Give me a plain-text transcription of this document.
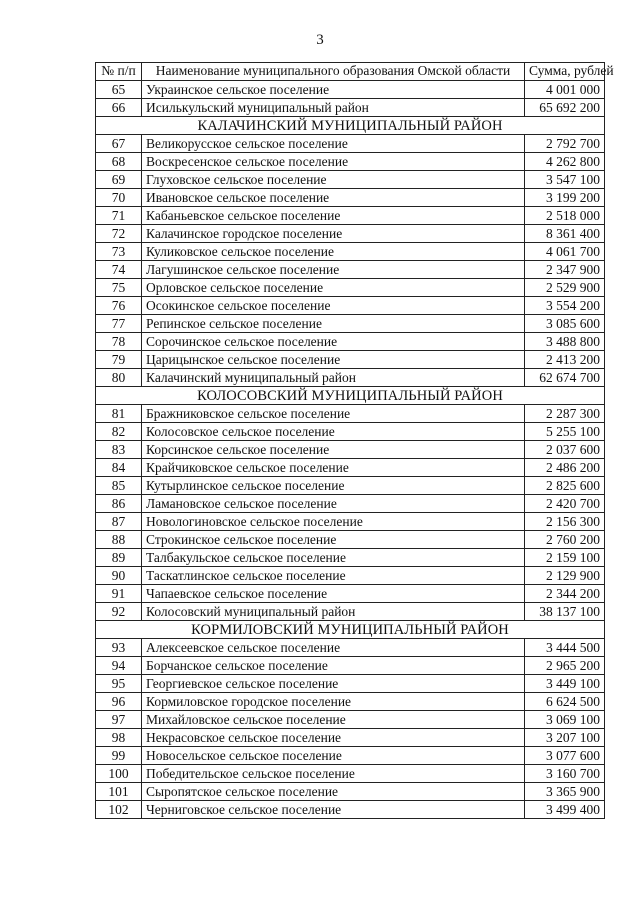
3
№ п/п	Наименование муниципального образования Омской области	Сумма, рублей
65	Украинское сельское поселение	4 001 000
66	Исилькульский муниципальный район	65 692 200
КАЛАЧИНСКИЙ МУНИЦИПАЛЬНЫЙ РАЙОН		
67	Великорусское сельское поселение	2 792 700
68	Воскресенское сельское поселение	4 262 800
69	Глуховское сельское поселение	3 547 100
70	Ивановское сельское поселение	3 199 200
71	Кабаньевское сельское поселение	2 518 000
72	Калачинское городское поселение	8 361 400
73	Куликовское сельское поселение	4 061 700
74	Лагушинское сельское поселение	2 347 900
75	Орловское сельское поселение	2 529 900
76	Осокинское сельское поселение	3 554 200
77	Репинское сельское поселение	3 085 600
78	Сорочинское сельское поселение	3 488 800
79	Царицынское сельское поселение	2 413 200
80	Калачинский муниципальный район	62 674 700
КОЛОСОВСКИЙ МУНИЦИПАЛЬНЫЙ РАЙОН		
81	Бражниковское сельское поселение	2 287 300
82	Колосовское сельское поселение	5 255 100
83	Корсинское сельское поселение	2 037 600
84	Крайчиковское сельское поселение	2 486 200
85	Кутырлинское сельское поселение	2 825 600
86	Ламановское сельское поселение	2 420 700
87	Новологиновское сельское поселение	2 156 300
88	Строкинское сельское поселение	2 760 200
89	Талбакульское сельское поселение	2 159 100
90	Таскатлинское сельское поселение	2 129 900
91	Чапаевское сельское поселение	2 344 200
92	Колосовский муниципальный район	38 137 100
КОРМИЛОВСКИЙ МУНИЦИПАЛЬНЫЙ РАЙОН		
93	Алексеевское сельское поселение	3 444 500
94	Борчанское сельское поселение	2 965 200
95	Георгиевское сельское поселение	3 449 100
96	Кормиловское городское поселение	6 624 500
97	Михайловское сельское поселение	3 069 100
98	Некрасовское сельское поселение	3 207 100
99	Новосельское сельское поселение	3 077 600
100	Победительское сельское поселение	3 160 700
101	Сыропятское сельское поселение	3 365 900
102	Черниговское сельское поселение	3 499 400
